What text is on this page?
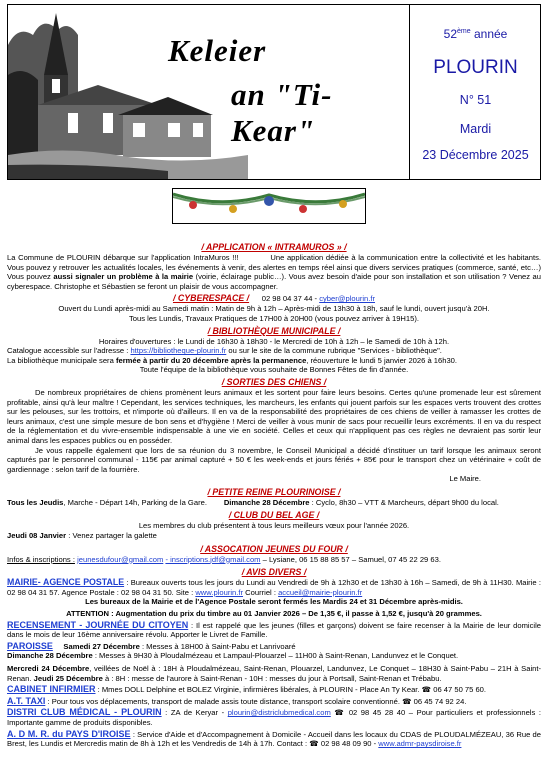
Keleier
an "Ti-Kear"
52ème année
PLOURIN
N° 51
Mardi
23 Décembre 2025
/ APPLICATION « INTRAMUROS » /
La Commune de PLOURIN débarque sur l'application IntraMuros !!!	Une application dédiée à la communication entre la collectivité et les habitants. Vous pouvez y retrouver les actualités locales, les événements à venir, des alertes en temps réel ainsi que divers services pratiques (commerce, santé, etc…) Vous pouvez aussi signaler un problème à la mairie (voirie, éclairage public…). Vous avez besoin d'aide pour son installation et son utilisation ? Venez au cyberespace. Christophe et Sébastien se feront un plaisir de vous accompagner.
/ CYBERESPACE / 02 98 04 37 44 - cyber@plourin.fr
Ouvert du Lundi après-midi au Samedi matin : Matin de 9h à 12h – Après-midi de 13h30 à 18h, sauf le lundi, ouvert jusqu'à 20H.
Tous les Lundis, Travaux Pratiques de 17H00 à 20H00 (vous pouvez arriver à 19H15).
/ BIBLIOTHÈQUE MUNICIPALE /
Horaires d'ouvertures : le Lundi de 16h30 à 18h30 - le Mercredi de 10h à 12h – le Samedi de 10h à 12h.
Catalogue accessible sur l'adresse : https://bibliotheque-plourin.fr ou sur le site de la commune rubrique "Services - bibliothèque".
La bibliothèque municipale sera fermée à partir du 20 décembre après la permanence, réouverture le lundi 5 janvier 2026 à 16h30.
Toute l'équipe de la bibliothèque vous souhaite de Bonnes Fêtes de fin d'année.
/ SORTIES DES CHIENS /
De nombreux propriétaires de chiens promènent leurs animaux et les sortent pour faire leurs besoins. Certes qu'une promenade leur est sûrement profitable, ainsi qu'à leur maître ! Cependant, les services techniques, les marcheurs, les enfants qui jouent parfois sur les espaces verts trouvent des crottes sur les pelouses, sur les trottoirs, et n'importe où d'ailleurs. Il en va de la responsabilité des propriétaires de ces chiens de veiller à ramasser les crottes de leurs animaux, c'est une simple mesure de bon sens et d'hygiène ! Merci de veiller à vous munir de sacs pour recueillir leurs excréments. Il en va du respect de la réglementation et du vivre-ensemble indispensable à une vie en société. Celles et ceux qui n'appliquent pas ces règles ne devraient pas sortir leur animal dans les espaces publics ou en posséder.
Je vous rappelle également que lors de sa réunion du 3 novembre, le Conseil Municipal a décidé d'instituer un tarif lorsque les animaux seront capturés par le personnel communal - 115€ par animal capturé + 50 € les week-ends et jours fériés + 85€ pour le transport chez un vétérinaire + coût de gardiennage : selon tarif de la fourrière.
Le Maire.
/ PETITE REINE PLOURINOISE /
Tous les Jeudis, Marche - Départ 14h, Parking de la Gare. Dimanche 28 Décembre : Cyclo, 8h30 – VTT & Marcheurs, départ 9h00 du local.
/ CLUB DU BEL AGE /
Les membres du club présentent à tous leurs meilleurs vœux pour l'année 2026.
Jeudi 08 Janvier : Venez partager la galette
/ ASSOCATION JEUNES DU FOUR /
Infos & inscriptions : jeunesdufour@gmail.com - inscriptions.jdf@gmail.com – Lysiane, 06 15 88 85 57 – Samuel, 07 45 22 29 63.
/ AVIS DIVERS /
MAIRIE- AGENCE POSTALE : Bureaux ouverts tous les jours du Lundi au Vendredi de 9h à 12h30 et de 13h30 à 16h – Samedi, de 9h à 11H30. Mairie : 02 98 04 31 57. Agence Postale : 02 98 04 31 50. Site : www.plourin.fr Courriel : accueil@mairie-plourin.fr
Les bureaux de la Mairie et de l'Agence Postale seront fermés les Mardis 24 et 31 Décembre après-midis.
ATTENTION : Augmentation du prix du timbre au 01 Janvier 2026 – De 1,35 €, il passe à 1,52 €, jusqu'à 20 grammes.
RECENSEMENT - JOURNÉE DU CITOYEN : Il est rappelé que les jeunes (filles et garçons) doivent se faire recenser à la Mairie de leur domicile dans le mois de leur 16ème anniversaire révolu. Apporter le Livret de Famille.
PAROISSE Samedi 27 Décembre : Messes à 18H00 à Saint-Pabu et Lanrivoaré
Dimanche 28 Décembre : Messes à 9H30 à Ploudalmézeau et Lampaul-Plouarzel – 11H00 à Saint-Renan, Landunvez et le Conquet.
Mercredi 24 Décembre, veillées de Noël à : 18H à Ploudalmézeau, Saint-Renan, Plouarzel, Landunvez, Le Conquet – 18H30 à Saint-Pabu – 21H à Saint-Renan. Jeudi 25 Décembre à : 8H : messe de l'aurore à Saint-Renan - 10H : messes du jour à Portsall, Saint-Renan et Trébabu.
CABINET INFIRMIER : Mmes DOLL Delphine et BOLEZ Virginie, infirmières libérales, à PLOURIN - Place An Ty Kear. ☎ 06 47 50 75 60.
A.T. TAXI : Pour tous vos déplacements, transport de malade assis toute distance, transport scolaire conventionné. ☎ 06 45 74 92 24.
DISTRI CLUB MÉDICAL - PLOURIN : ZA de Keryar - plourin@districlubmedical.com ☎ 02 98 45 28 40 – Pour particuliers et professionnels : Importante gamme de produits disponibles.
A. D M. R. du PAYS D'IROISE : Service d'Aide et d'Accompagnement à Domicile - Accueil dans les locaux du CDAS de PLOUDALMÉZEAU, 36 Rue de Brest, les Lundis et Mercredis matin de 8h à 12h et les Vendredis de 14h à 17h. Contact : ☎ 02 98 48 09 90 - www.admr-paysdiroise.fr
